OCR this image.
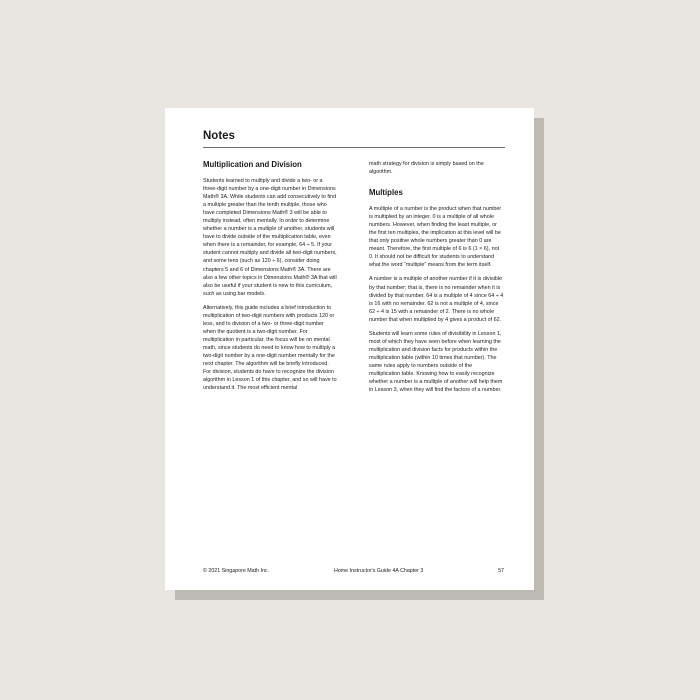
Notes
Multiplication and Division

Students learned to multiply and divide a two- or a three-digit number by a one-digit number in Dimensions Math® 3A. While students can add consecutively to find a multiple greater than the tenth multiple, those who have completed Dimensions Math® 3 will be able to multiply instead, often mentally. In order to determine whether a number is a multiple of another, students will have to divide outside of the multiplication table, even when there is a remainder, for example, 64 ÷ 5. If your student cannot multiply and divide all two-digit numbers, and some tens (such as 120 ÷ 6), consider doing chapters 5 and 6 of Dimensions Math® 3A. There are also a few other topics in Dimensions Math® 3A that will also be useful if your student is new to this curriculum, such as using bar models.

Alternatively, this guide includes a brief introduction to multiplication of two-digit numbers with products 120 or less, and to division of a two- or three-digit number when the quotient is a two-digit number. For multiplication in particular, the focus will be on mental math, since students do need to know how to multiply a two-digit number by a one-digit number mentally for the next chapter. The algorithm will be briefly introduced. For division, students do have to recognize the division algorithm in Lesson 1 of this chapter, and so will have to understand it. The most efficient mental

math strategy for division is simply based on the algorithm.

Multiples

A multiple of a number is the product when that number is multiplied by an integer. 0 is a multiple of all whole numbers. However, when finding the least multiple, or the first ten multiples, the implication at this level will be that only positive whole numbers greater than 0 are meant. Therefore, the first multiple of 6 is 6 (1 × 6), not 0. It should not be difficult for students to understand what the word “multiple” means from the term itself.

A number is a multiple of another number if it is divisible by that number; that is, there is no remainder when it is divided by that number. 64 is a multiple of 4 since 64 ÷ 4 is 16 with no remainder. 62 is not a multiple of 4, since 62 ÷ 4 is 15 with a remainder of 2. There is no whole number that when multiplied by 4 gives a product of 62.

Students will learn some rules of divisibility in Lesson 1, most of which they have seen before when learning the multiplication and division facts for products within the multiplication table (within 10 times that number). The same rules apply to numbers outside of the multiplication table. Knowing how to easily recognize whether a number is a multiple of another will help them in Lesson 3, when they will find the factors of a number.

© 2021 Singapore Math Inc.	Home Instructor's Guide 4A Chapter 3	57
